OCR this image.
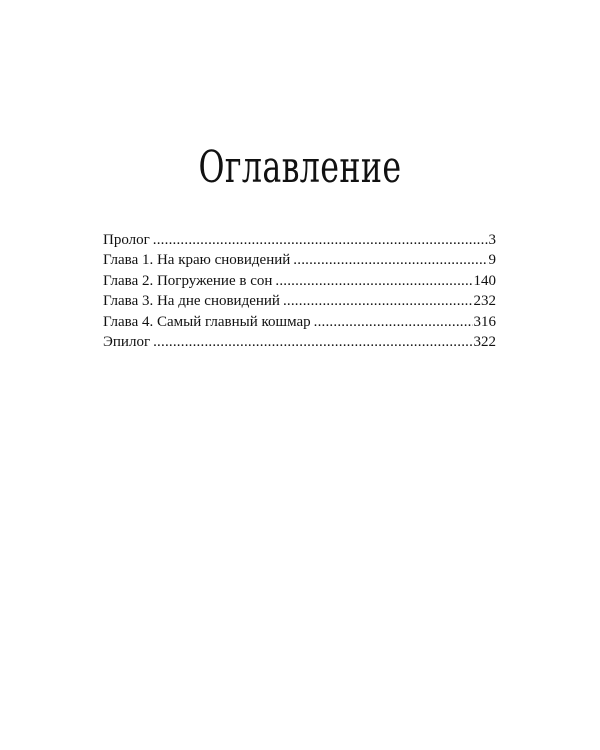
Оглавление
Пролог .....	3
Глава 1. На краю сновидений .....	9
Глава 2. Погружение в сон .....	140
Глава 3. На дне сновидений .....	232
Глава 4. Самый главный кошмар .....	316
Эпилог .....	322
